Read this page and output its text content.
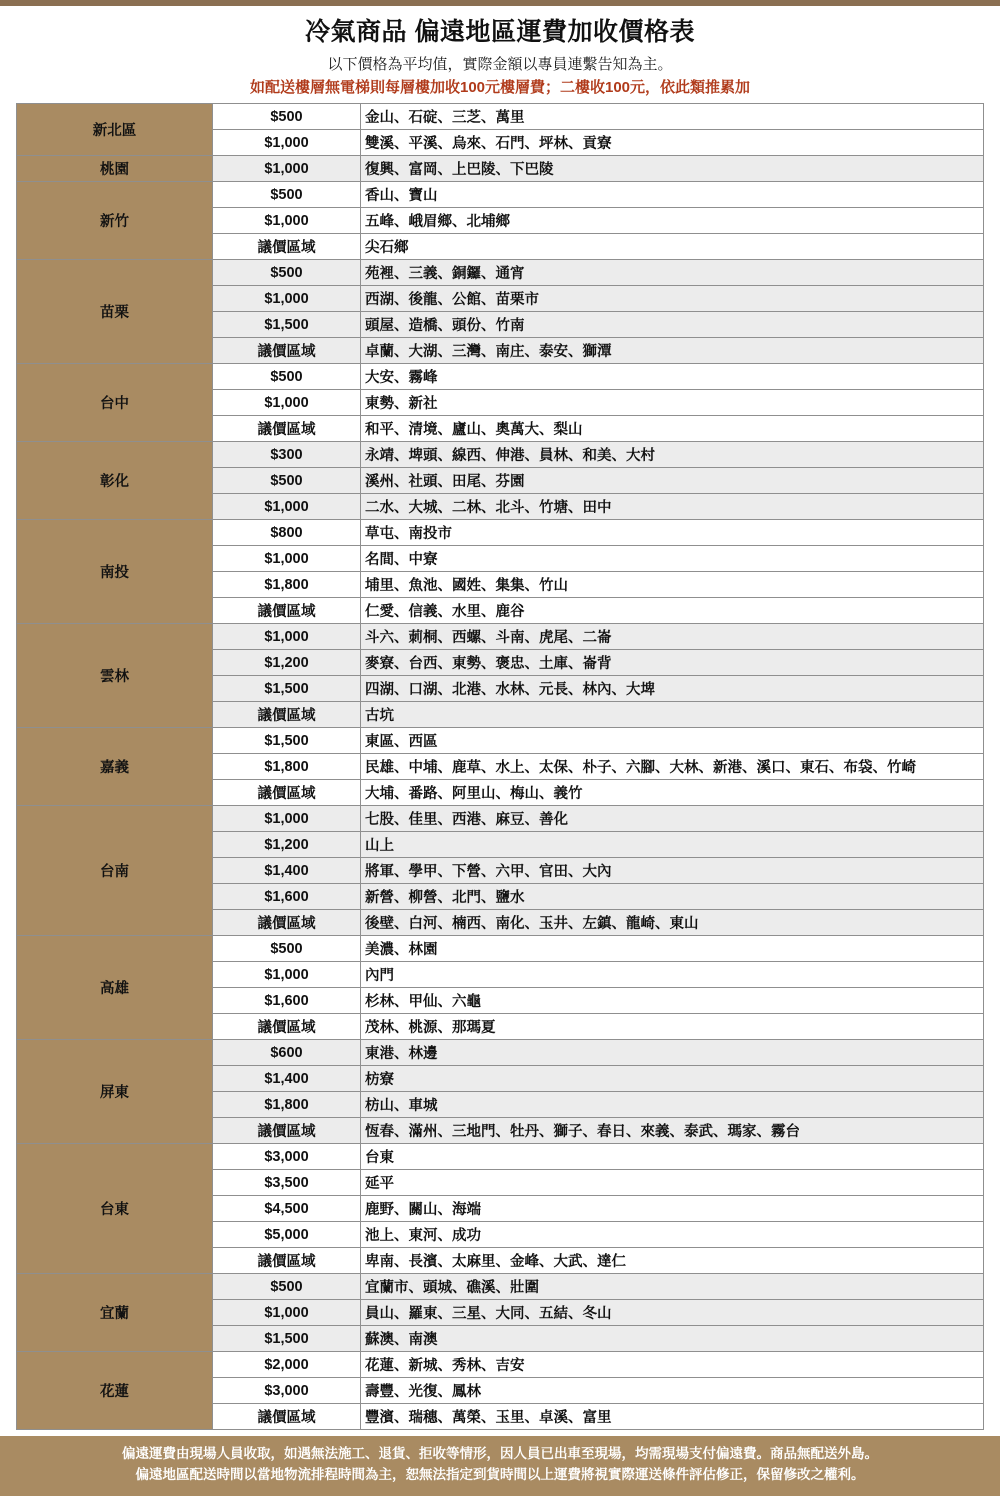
冷氣商品 偏遠地區運費加收價格表
以下價格為平均值，實際金額以專員連繫告知為主。
如配送樓層無電梯則每層樓加收100元樓層費；二樓收100元，依此類推累加
新北區	$500	金山、石碇、三芝、萬里
	$1,000	雙溪、平溪、烏來、石門、坪林、貢寮
桃園	$1,000	復興、富岡、上巴陵、下巴陵
新竹	$500	香山、寶山
	$1,000	五峰、峨眉鄉、北埔鄉
	議價區域	尖石鄉
苗栗	$500	苑裡、三義、銅鑼、通宵
	$1,000	西湖、後龍、公館、苗栗市
	$1,500	頭屋、造橋、頭份、竹南
	議價區域	卓蘭、大湖、三灣、南庄、泰安、獅潭
台中	$500	大安、霧峰
	$1,000	東勢、新社
	議價區域	和平、清境、廬山、奧萬大、梨山
彰化	$300	永靖、埤頭、線西、伸港、員林、和美、大村
	$500	溪州、社頭、田尾、芬園
	$1,000	二水、大城、二林、北斗、竹塘、田中
南投	$800	草屯、南投市
	$1,000	名間、中寮
	$1,800	埔里、魚池、國姓、集集、竹山
	議價區域	仁愛、信義、水里、鹿谷
雲林	$1,000	斗六、莿桐、西螺、斗南、虎尾、二崙
	$1,200	麥寮、台西、東勢、褒忠、土庫、崙背
	$1,500	四湖、口湖、北港、水林、元長、林內、大埤
	議價區域	古坑
嘉義	$1,500	東區、西區
	$1,800	民雄、中埔、鹿草、水上、太保、朴子、六腳、大林、新港、溪口、東石、布袋、竹崎
	議價區域	大埔、番路、阿里山、梅山、義竹
台南	$1,000	七股、佳里、西港、麻豆、善化
	$1,200	山上
	$1,400	將軍、學甲、下營、六甲、官田、大內
	$1,600	新營、柳營、北門、鹽水
	議價區域	後壁、白河、楠西、南化、玉井、左鎮、龍崎、東山
高雄	$500	美濃、林園
	$1,000	內門
	$1,600	杉林、甲仙、六龜
	議價區域	茂林、桃源、那瑪夏
屏東	$600	東港、林邊
	$1,400	枋寮
	$1,800	枋山、車城
	議價區域	恆春、滿州、三地門、牡丹、獅子、春日、來義、泰武、瑪家、霧台
台東	$3,000	台東
	$3,500	延平
	$4,500	鹿野、關山、海端
	$5,000	池上、東河、成功
	議價區域	卑南、長濱、太麻里、金峰、大武、達仁
宜蘭	$500	宜蘭市、頭城、礁溪、壯圍
	$1,000	員山、羅東、三星、大同、五結、冬山
	$1,500	蘇澳、南澳
花蓮	$2,000	花蓮、新城、秀林、吉安
	$3,000	壽豐、光復、鳳林
	議價區域	豐濱、瑞穗、萬榮、玉里、卓溪、富里
偏遠運費由現場人員收取，如遇無法施工、退貨、拒收等情形，因人員已出車至現場，均需現場支付偏遠費。商品無配送外島。
偏遠地區配送時間以當地物流排程時間為主，恕無法指定到貨時間以上運費將視實際運送條件評估修正，保留修改之權利。
